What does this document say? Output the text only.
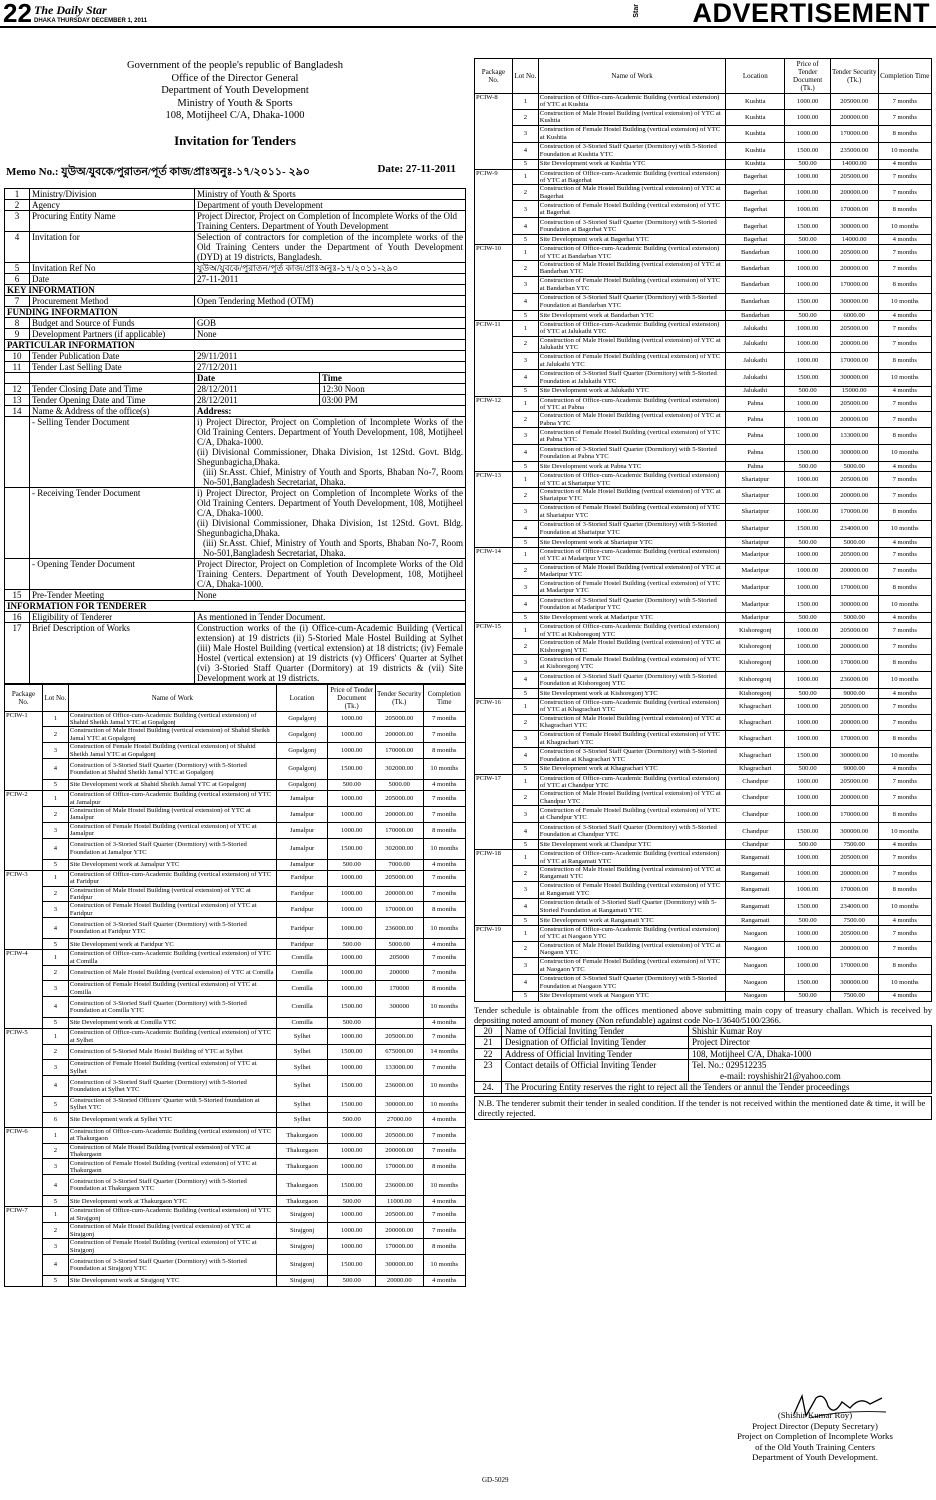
22 The Daily Star
DHAKA THURSDAY DECEMBER 1, 2011
Star ADVERTISEMENT
Government of the people's republic of Bangladesh
Office of the Director General
Department of Youth Development
Ministry of Youth & Sports
108, Motijheel C/A, Dhaka-1000
Invitation for Tenders
Memo No.: যুউঅ/যুবকে/পুরাতন/পূর্ত কাজ/প্রাঃঅনুঃ-১৭/২০১১- ২৯০	Date: 27-11-2011
1	Ministry/Division	Ministry of Youth & Sports	
2	Agency	Department of youth Development	
3	Procuring Entity Name	Project Director, Project on Completion of Incomplete Works of the Old Training Centers. Department of Youth Development	
4	Invitation for	Selection of contractors for completion of the incomplete works of the Old Training Centers under the Department of Youth Development (DYD) at 19 districts, Bangladesh.	
5	Invitation Ref No	যুউঅ/যুবকে/পুরাতন/পূর্ত কাজ/প্রাঃঅনুঃ-১৭/২০১১-২৯০	
6	Date	27-11-2011	
KEY INFORMATION			
7	Procurement Method	Open Tendering Method (OTM)	
FUNDING INFORMATION			
8	Budget and Source of Funds	GOB	
9	Development Partners (if applicable)	None	
PARTICULAR INFORMATION			
10	Tender Publication Date	29/11/2011	
11	Tender Last Selling Date	27/12/2011	
		Date	Time
12	Tender Closing Date and Time	28/12/2011	12:30 Noon
13	Tender Opening Date and Time	28/12/2011	03:00 PM
14	Name & Address of the office(s)	Address:	
	- Selling Tender Document	i) Project Director, Project on Completion of Incomplete Works of the Old Training Centers. Department of Youth Development, 108, Motijheel C/A, Dhaka-1000.
(ii) Divisional Commissioner, Dhaka Division, 1st 12Std. Govt. Bldg. Shegunbagicha,Dhaka.
(iii) Sr.Asst. Chief, Ministry of Youth and Sports, Bhaban No-7, Room No-501,Bangladesh Secretariat, Dhaka.	

	- Receiving Tender Document	i) Project Director, Project on Completion of Incomplete Works of the Old Training Centers. Department of Youth Development, 108, Motijheel C/A, Dhaka-1000.
(ii) Divisional Commissioner, Dhaka Division, 1st 12Std. Govt. Bldg. Shegunbagicha,Dhaka.
(iii) Sr.Asst. Chief, Ministry of Youth and Sports, Bhaban No-7, Room No-501,Bangladesh Secretariat, Dhaka.	

	- Opening Tender Document	Project Director, Project on Completion of Incomplete Works of the Old Training Centers. Department of Youth Development, 108, Motijheel C/A, Dhaka-1000.	
15	Pre-Tender Meeting	None	
INFORMATION FOR TENDERER			
16	Eligibility of Tenderer	As mentioned in Tender Document.	
17	Brief Description of Works	Construction works of the (i) Office-cum-Academic Building (Vertical extension) at 19 districts (ii) 5-Storied Male Hostel Building at Sylhet (iii) Male Hostel Building (vertical extension) at 18 districts; (iv) Female Hostel (vertical extension) at 19 districts (v) Officers' Quarter at Sylhet (vi) 3-Storied Staff Quarter (Dormitory) at 19 districts & (vii) Site Development work at 19 districts.	
Package No.	Lot No.	Name of Work	Location	Price of Tender Document (Tk.)	Tender Security (Tk.)	Completion Time
PCIW-1	1	Construction of Office-cum-Academic Building (vertical extension) of Shahid Sheikh Jamal YTC at Gopalgonj	Gopalgonj	1000.00	205000.00	7 months
	2	Construction of Male Hostel Building (vertical extension) of Shahid Sheikh Jamal YTC at Gopalgonj	Gopalgonj	1000.00	200000.00	7 months
	3	Construction of Female Hostel Building (vertical extension) of Shahid Sheikh Jamal YTC at Gopalgonj	Gopalgonj	1000.00	170000.00	8 months
	4	Construction of 3-Storied Staff Quarter (Dormitory) with 5-Storied Foundation at Shahid Sheikh Jamal YTC at Gopalgonj	Gopalgonj	1500.00	302000.00	10 months
	5	Site Development work at Shahid Sheikh Jamal YTC at Gopalgonj	Gopalgonj	500.00	5000.00	4 months
PCIW-2	1	Construction of Office-cum-Academic Building (vertical extension) of YTC at Jamalpur	Jamalpur	1000.00	205000.00	7 months
	2	Construction of Male Hostel Building (vertical extension) of YTC at Jamalpur	Jamalpur	1000.00	200000.00	7 months
	3	Construction of Female Hostel Building (vertical extension) of YTC at Jamalpur	Jamalpur	1000.00	170000.00	8 months
	4	Construction of 3-Storied Staff Quarter (Dormitory) with 5-Storied Foundation at Jamalpur YTC	Jamalpur	1500.00	302000.00	10 months
	5	Site Development work at Jamalpur YTC	Jamalpur	500.00	7000.00	4 months
PCIW-3	1	Construction of Office-cum-Academic Building (vertical extension) of YTC at Faridpur	Faridpur	1000.00	205000.00	7 months
	2	Construction of Male Hostel Building (vertical extension) of YTC at Faridpur	Faridpur	1000.00	200000.00	7 months
	3	Construction of Female Hostel Building (vertical extension) of YTC at Faridpur	Faridpur	1000.00	170000.00	8 months
	4	Construction of 3-Storied Staff Quarter (Dormitory) with 5-Storied Foundation at Faridpur YTC	Faridpur	1000.00	236000.00	10 months
	5	Site Development work at Faridpur YC	Faridpur	500.00	5000.00	4 months
PCIW-4	1	Construction of Office-cum-Academic Building (vertical extension) of YTC at Comilla	Comilla	1000.00	205000	7 months
	2	Construction of Male Hostel Building (vertical extension) of YTC at Comilla	Comilla	1000.00	200000	7 months
	3	Construction of Female Hostel Building (vertical extension) of YTC at Comilla	Comilla	1000.00	170000	8 months
	4	Construction of 3-Storied Staff Quarter (Dormitory) with 5-Storied Foundation at Comilla YTC	Comilla	1500.00	300000	10 months
	5	Site Development work at Comilla YTC	Comilla	500.00		4 months
PCIW-5	1	Construction of Office-cum-Academic Building (vertical extension) of YTC at Sylhet	Sylhet	1000.00	205000.00	7 months
	2	Construction of 5-Storied Male Hostel Building of YTC at Sylhet	Sylhet	1500.00	675000.00	14 months
	3	Construction of Female Hostel Building (vertical extension) of YTC at Sylhet	Sylhet	1000.00	133000.00	7 months
	4	Construction of 3-Storied Staff Quarter (Dormitory) with 5-Storied Foundation at Sylhet YTC	Sylhet	1500.00	236000.00	10 months
	5	Construction of 3-Storied Officers' Quarter with 5-Storied foundation at Sylhet YTC	Sylhet	1500.00	300000.00	10 months
	6	Site Development work at Sylhet YTC	Sylhet	500.00	27000.00	4 months
PCIW-6	1	Construction of Office-cum-Academic Building (vertical extension) of YTC at Thakurgaon	Thakurgaon	1000.00	205000.00	7 months
	2	Construction of Male Hostel Building (vertical extension) of YTC at Thakurgaon	Thakurgaon	1000.00	200000.00	7 months
	3	Construction of Female Hostel Building (vertical extension) of YTC at Thakurgaon	Thakurgaon	1000.00	170000.00	8 months
	4	Construction of 3-Storied Staff Quarter (Dormitory) with 5-Storied Foundation at Thakurgaon YTC	Thakurgaon	1500.00	236000.00	10 months
	5	Site Development work at Thakurgaon YTC	Thakurgaon	500.00	11000.00	4 months
PCIW-7	1	Construction of Office-cum-Academic Building (vertical extension) of YTC at Sirajgonj	Sirajgonj	1000.00	205000.00	7 months
	2	Construction of Male Hostel Building (vertical extension) of YTC at Sirajgonj	Sirajgonj	1000.00	200000.00	7 months
	3	Construction of Female Hostel Building (vertical extension) of YTC at Sirajgonj	Sirajgonj	1000.00	170000.00	8 months
	4	Construction of 3-Storied Staff Quarter (Dormitory) with 5-Storied Foundation at Sirajgonj YTC	Sirajgonj	1500.00	300000.00	10 months
	5	Site Development work at Sirajgonj YTC	Sirajgonj	500.00	20000.00	4 months
Package No.	Lot No.	Name of Work	Location	Price of Tender Document (Tk.)	Tender Security (Tk.)	Completion Time
PCIW-8	1	Construction of Office-cum-Academic Building (vertical extension) of YTC at Kushtia	Kushtia	1000.00	205000.00	7 months
	2	Construction of Male Hostel Building (vertical extension) of YTC at Kushtia	Kushtia	1000.00	200000.00	7 months
	3	Construction of Female Hostel Building (vertical extension) of YTC at Kushtia	Kushtia	1000.00	170000.00	8 months
	4	Construction of 3-Storied Staff Quarter (Dormitory) with 5-Storied Foundation at Kushtia YTC	Kushtia	1500.00	235000.00	10 months
	5	Site Development work at Kushtia YTC	Kushtia	500.00	14000.00	4 months
PCIW-9	1	Construction of Office-cum-Academic Building (vertical extension) of YTC at Bagerhat	Bagerhat	1000.00	205000.00	7 months
	2	Construction of Male Hostel Building (vertical extension) of YTC at Bagerhat	Bagerhat	1000.00	200000.00	7 months
	3	Construction of Female Hostel Building (vertical extension) of YTC at Bagerhat	Bagerhat	1000.00	170000.00	8 months
	4	Construction of 3-Storied Staff Quarter (Dormitory) with 5-Storied Foundation at Bagerhat YTC	Bagerhat	1500.00	300000.00	10 months
	5	Site Development work at Bagerhat YTC	Bagerhat	500.00	14000.00	4 months
PCIW-10	1	Construction of Office-cum-Academic Building (vertical extension) of YTC at Bandarban YTC	Bandarban	1000.00	205000.00	7 months
	2	Construction of Male Hostel Building (vertical extension) of YTC at Bandarban YTC	Bandarban	1000.00	200000.00	7 months
	3	Construction of Female Hostel Building (vertical extension) of YTC at Bandarban YTC	Bandarban	1000.00	170000.00	8 months
	4	Construction of 3-Storied Staff Quarter (Dormitory) with 5-Storied Foundation at Bandarban YTC	Bandarban	1500.00	300000.00	10 months
	5	Site Development work at Bandarban YTC	Bandarban	500.00	6000.00	4 months
PCIW-11	1	Construction of Office-cum-Academic Building (vertical extension) of YTC at Jalukathi YTC	Jalukathi	1000.00	205000.00	7 months
	2	Construction of Male Hostel Building (vertical extension) of YTC at Jalukathi YTC	Jalukathi	1000.00	200000.00	7 months
	3	Construction of Female Hostel Building (vertical extension) of YTC at Jalukathi YTC	Jalukathi	1000.00	170000.00	8 months
	4	Construction of 3-Storied Staff Quarter (Dormitory) with 5-Storied Foundation at Jalukathi YTC	Jalukathi	1500.00	300000.00	10 months
	5	Site Development work at Jalukathi YTC	Jalukathi	500.00	15000.00	4 months
PCIW-12	1	Construction of Office-cum-Academic Building (vertical extension) of YTC at Pabna	Pabna	1000.00	205000.00	7 months
	2	Construction of Male Hostel Building (vertical extension) of YTC at Pabna YTC	Pabna	1000.00	200000.00	7 months
	3	Construction of Female Hostel Building (vertical extension) of YTC at Pabna YTC	Pabna	1000.00	133000.00	8 months
	4	Construction of 3-Storied Staff Quarter (Dormitory) with 5-Storied Foundation at Pabna YTC	Pabna	1500.00	300000.00	10 months
	5	Site Development work at Pabna YTC	Pabna	500.00	5000.00	4 months
PCIW-13	1	Construction of Office-cum-Academic Building (vertical extension) of YTC at Shariatpur YTC	Shariatpur	1000.00	205000.00	7 months
	2	Construction of Male Hostel Building (vertical extension) of YTC at Shariatpur YTC	Shariatpur	1000.00	200000.00	7 months
	3	Construction of Female Hostel Building (vertical extension) of YTC at Shariatpur YTC	Shariatpur	1000.00	170000.00	8 months
	4	Construction of 3-Storied Staff Quarter (Dormitory) with 5-Storied Foundation at Shariatpur YTC	Shariatpur	1500.00	234000.00	10 months
	5	Site Development work at Shariatpur YTC	Shariatpur	500.00	5000.00	4 months
PCIW-14	1	Construction of Office-cum-Academic Building (vertical extension) of YTC at Madaripur YTC	Madaripur	1000.00	205000.00	7 months
	2	Construction of Male Hostel Building (vertical extension) of YTC at Madaripur YTC	Madaripur	1000.00	200000.00	7 months
	3	Construction of Female Hostel Building (vertical extension) of YTC at Madaripur YTC	Madaripur	1000.00	170000.00	8 months
	4	Construction of 3-Storied Staff Quarter (Dormitory) with 5-Storied Foundation at Madaripur YTC	Madaripur	1500.00	300000.00	10 months
	5	Site Development work at Madaripur YTC	Madaripur	500.00	5000.00	4 months
PCIW-15	1	Construction of Office-cum-Academic Building (vertical extension) of YTC at Kishoregonj YTC	Kishoregonj	1000.00	205000.00	7 months
	2	Construction of Male Hostel Building (vertical extension) of YTC at Kishoregonj YTC	Kishoregonj	1000.00	200000.00	7 months
	3	Construction of Female Hostel Building (vertical extension) of YTC at Kishoregonj YTC	Kishoregonj	1000.00	170000.00	8 months
	4	Construction of 3-Storied Staff Quarter (Dormitory) with 5-Storied Foundation at Kishoregonj YTC	Kishoregonj	1000.00	236000.00	10 months
	5	Site Development work at Kishoregonj YTC	Kishoregonj	500.00	9000.00	4 months
PCIW-16	1	Construction of Office-cum-Academic Building (vertical extension) of YTC at Khagrachari YTC	Khagrachari	1000.00	205000.00	7 months
	2	Construction of Male Hostel Building (vertical extension) of YTC at Khagrachari YTC	Khagrachari	1000.00	200000.00	7 months
	3	Construction of Female Hostel Building (vertical extension) of YTC at Khagrachari YTC	Khagrachari	1000.00	170000.00	8 months
	4	Construction of 3-Storied Staff Quarter (Dormitory) with 5-Storied Foundation at Khagrachari YTC	Khagrachari	1500.00	300000.00	10 months
	5	Site Development work at Khagrachari YTC	Khagrachari	500.00	9000.00	4 months
PCIW-17	1	Construction of Office-cum-Academic Building (vertical extension) of YTC at Chandpur YTC	Chandpur	1000.00	205000.00	7 months
	2	Construction of Male Hostel Building (vertical extension) of YTC at Chandpur YTC	Chandpur	1000.00	200000.00	7 months
	3	Construction of Female Hostel Building (vertical extension) of YTC at Chandpur YTC	Chandpur	1000.00	170000.00	8 months
	4	Construction of 3-Storied Staff Quarter (Dormitory) with 5-Storied Foundation at Chandpur YTC	Chandpur	1500.00	300000.00	10 months
	5	Site Development work at Chandpur YTC	Chandpur	500.00	7500.00	4 months
PCIW-18	1	Construction of Office-cum-Academic Building (vertical extension) of YTC at Rangamati YTC	Rangamati	1000.00	205000.00	7 months
	2	Construction of Male Hostel Building (vertical extension) of YTC at Rangamati YTC	Rangamati	1000.00	200000.00	7 months
	3	Construction of Female Hostel Building (vertical extension) of YTC at Rangamati YTC	Rangamati	1000.00	170000.00	8 months
	4	Construction details of 3-Storied Staff Quarter (Dormitory) with 5-Storied Foundation at Rangamati YTC	Rangamati	1500.00	234000.00	10 months
	5	Site Development work at Rangamati YTC	Rangamati	500.00	7500.00	4 months
PCIW-19	1	Construction of Office-cum-Academic Building (vertical extension) of YTC at Naogaon YTC	Naogaon	1000.00	205000.00	7 months
	2	Construction of Male Hostel Building (vertical extension) of YTC at Naogaon YTC	Naogaon	1000.00	200000.00	7 months
	3	Construction of Female Hostel Building (vertical extension) of YTC at Naogaon YTC	Naogaon	1000.00	170000.00	8 months
	4	Construction of 3-Storied Staff Quarter (Dormitory) with 5-Storied Foundation at Naogaon YTC	Naogaon	1500.00	300000.00	10 months
	5	Site Development work at Naogaon YTC	Naogaon	500.00	7500.00	4 months
Tender schedule is obtainable from the offices mentioned above submitting main copy of treasury challan. Which is received by depositing noted amount of money (Non refundable) against code No-1/3640/5100/2366.
20	Name of Official Inviting Tender	Shishir Kumar Roy
21	Designation of Official Inviting Tender	Project Director
22	Address of Official Inviting Tender	108, Motijheel C/A, Dhaka-1000
23	Contact details of Official Inviting Tender	Tel. No.: 029512235
e-mail: royshishir21@yahoo.com

24.	The Procuring Entity reserves the right to reject all the Tenders or annul the Tender proceedings	
N.B. The tenderer submit their tender in sealed condition. If the tender is not received within the mentioned date & time, it will be directly rejected.
(Shishir Kumar Roy)
Project Director (Deputy Secretary)
Project on Completion of Incomplete Works
of the Old Youth Training Centers
Department of Youth Development.
GD-5029
